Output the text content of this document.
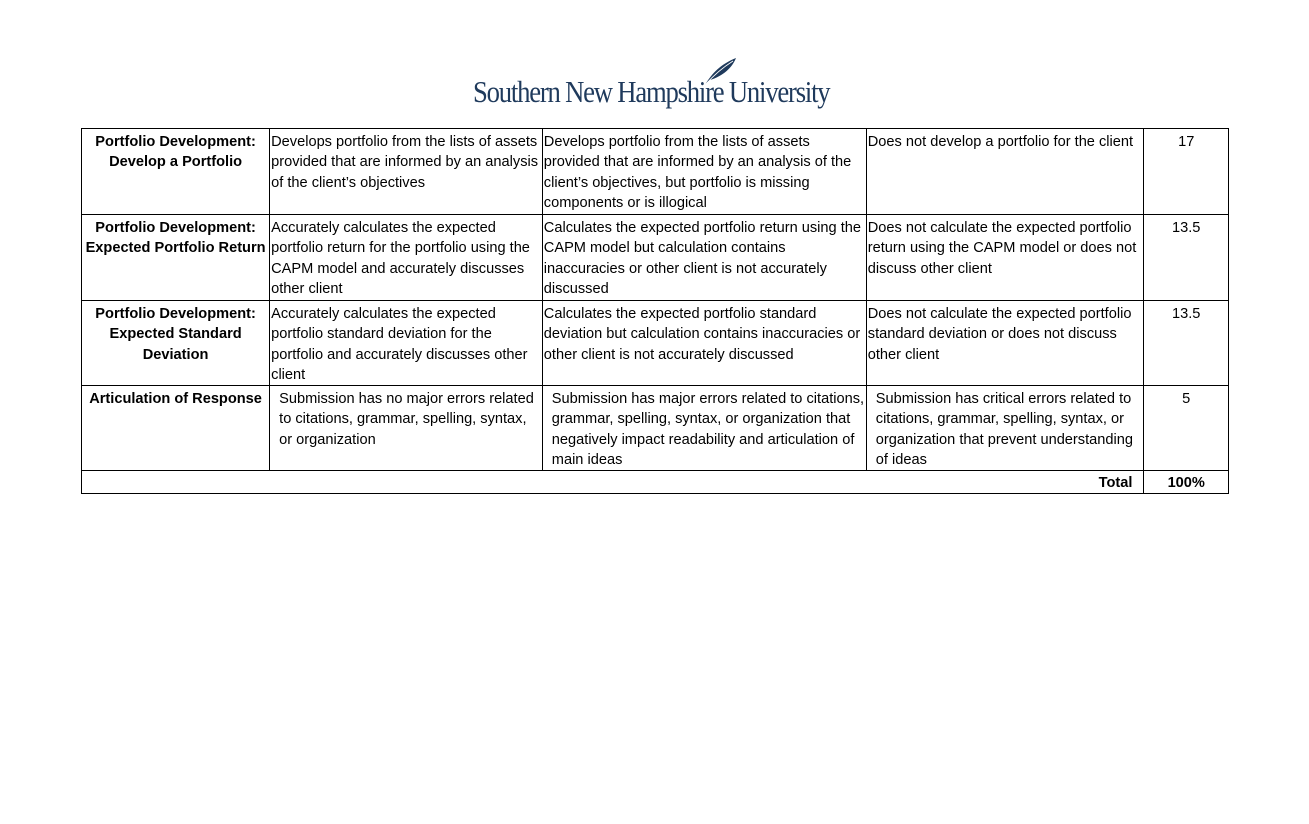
Southern New Hampshire University
Portfolio Development: Develop a Portfolio	Develops portfolio from the lists of assets provided that are informed by an analysis of the client’s objectives	Develops portfolio from the lists of assets provided that are informed by an analysis of the client’s objectives, but portfolio is missing components or is illogical	Does not develop a portfolio for the client	17
Portfolio Development: Expected Portfolio Return	Accurately calculates the expected portfolio return for the portfolio using the CAPM model and accurately discusses other client	Calculates the expected portfolio return using the CAPM model but calculation contains inaccuracies or other client is not accurately discussed	Does not calculate the expected portfolio return using the CAPM model or does not discuss other client	13.5
Portfolio Development: Expected Standard Deviation	Accurately calculates the expected portfolio standard deviation for the portfolio and accurately discusses other client	Calculates the expected portfolio standard deviation but calculation contains inaccuracies or other client is not accurately discussed	Does not calculate the expected portfolio standard deviation or does not discuss other client	13.5
Articulation of Response	Submission has no major errors related to citations, grammar, spelling, syntax, or organization	Submission has major errors related to citations, grammar, spelling, syntax, or organization that negatively impact readability and articulation of main ideas	Submission has critical errors related to citations, grammar, spelling, syntax, or organization that prevent understanding of ideas	5
Total				100%
